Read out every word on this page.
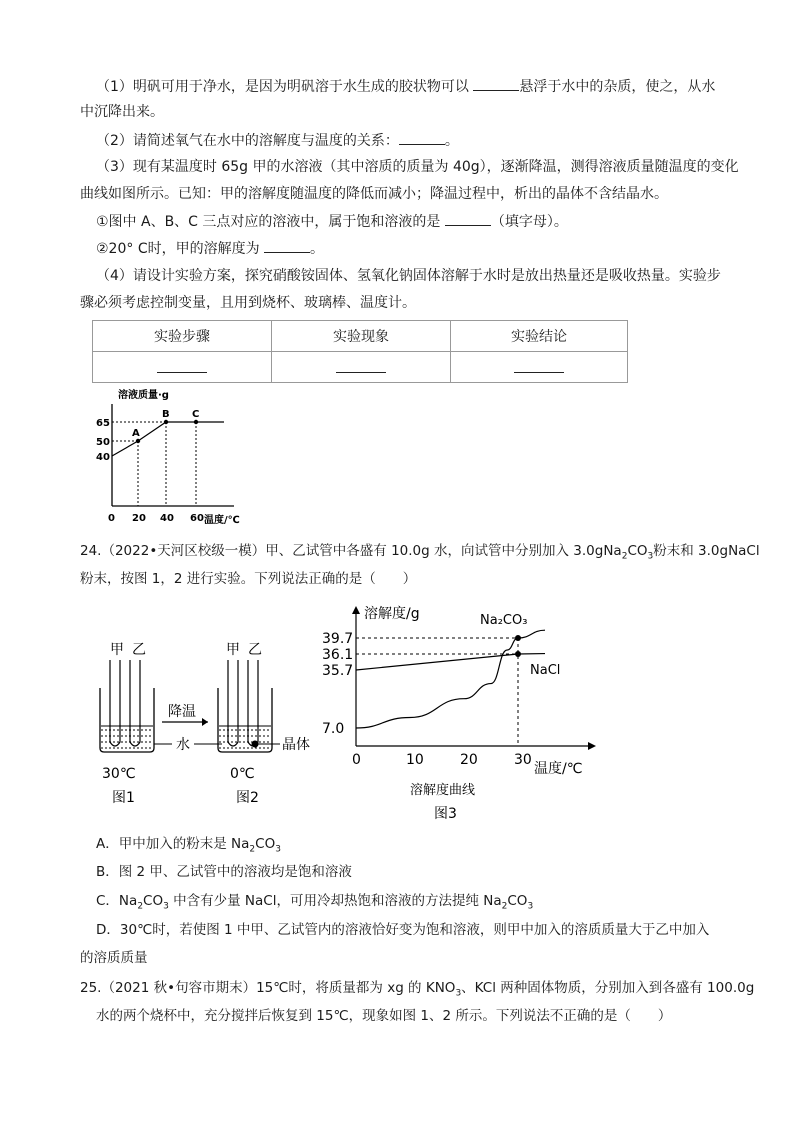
（1）明矾可用于净水，是因为明矾溶于水生成的胶状物可以	悬浮于水中的杂质，使之，从水
中沉降出来。
（2）请简述氧气在水中的溶解度与温度的关系：	。
（3）现有某温度时 65g 甲的水溶液（其中溶质的质量为 40g），逐渐降温，测得溶液质量随温度的变化
曲线如图所示。已知：甲的溶解度随温度的降低而减小；降温过程中，析出的晶体不含结晶水。
①图中 A、B、C 三点对应的溶液中，属于饱和溶液的是	（填字母）。
②20° C时，甲的溶解度为	。
（4）请设计实验方案，探究硝酸铵固体、氢氧化钠固体溶解于水时是放出热量还是吸收热量。实验步
骤必须考虑控制变量，且用到烧杯、玻璃棒、温度计。
实验步骤	实验现象	实验结论

溶液质量·g
A
B C
65
50
40
0 20 40 60 温度/℃
24.（2022•天河区校级一模）甲、乙试管中各盛有 10.0g 水，向试管中分别加入 $3.0gNa_2CO_3$粉末和 3.0gNaCl
粉末，按图 1，2 进行实验。下列说法正确的是（　　）
甲 乙
30℃
图1
降温
水
甲 乙
晶体
0℃
图2
溶解度/g
0	10	20	30
39.7
36.1
35.7
7.0
Na₂CO₃
NaCl
温度/℃
溶解度曲线
图3
A．甲中加入的粉末是 $Na_2CO_3$
B．图 2 甲、乙试管中的溶液均是饱和溶液
C．$Na_2CO_3$ 中含有少量 NaCl，可用冷却热饱和溶液的方法提纯 $Na_2CO_3$
D．30℃时，若使图 1 中甲、乙试管内的溶液恰好变为饱和溶液，则甲中加入的溶质质量大于乙中加入
的溶质质量
25.（2021 秋•句容市期末）15℃时，将质量都为 xg 的 $KNO_3$、KCl 两种固体物质，分别加入到各盛有 100.0g
水的两个烧杯中，充分搅拌后恢复到 15℃，现象如图 1、2 所示。下列说法不正确的是（　　）
